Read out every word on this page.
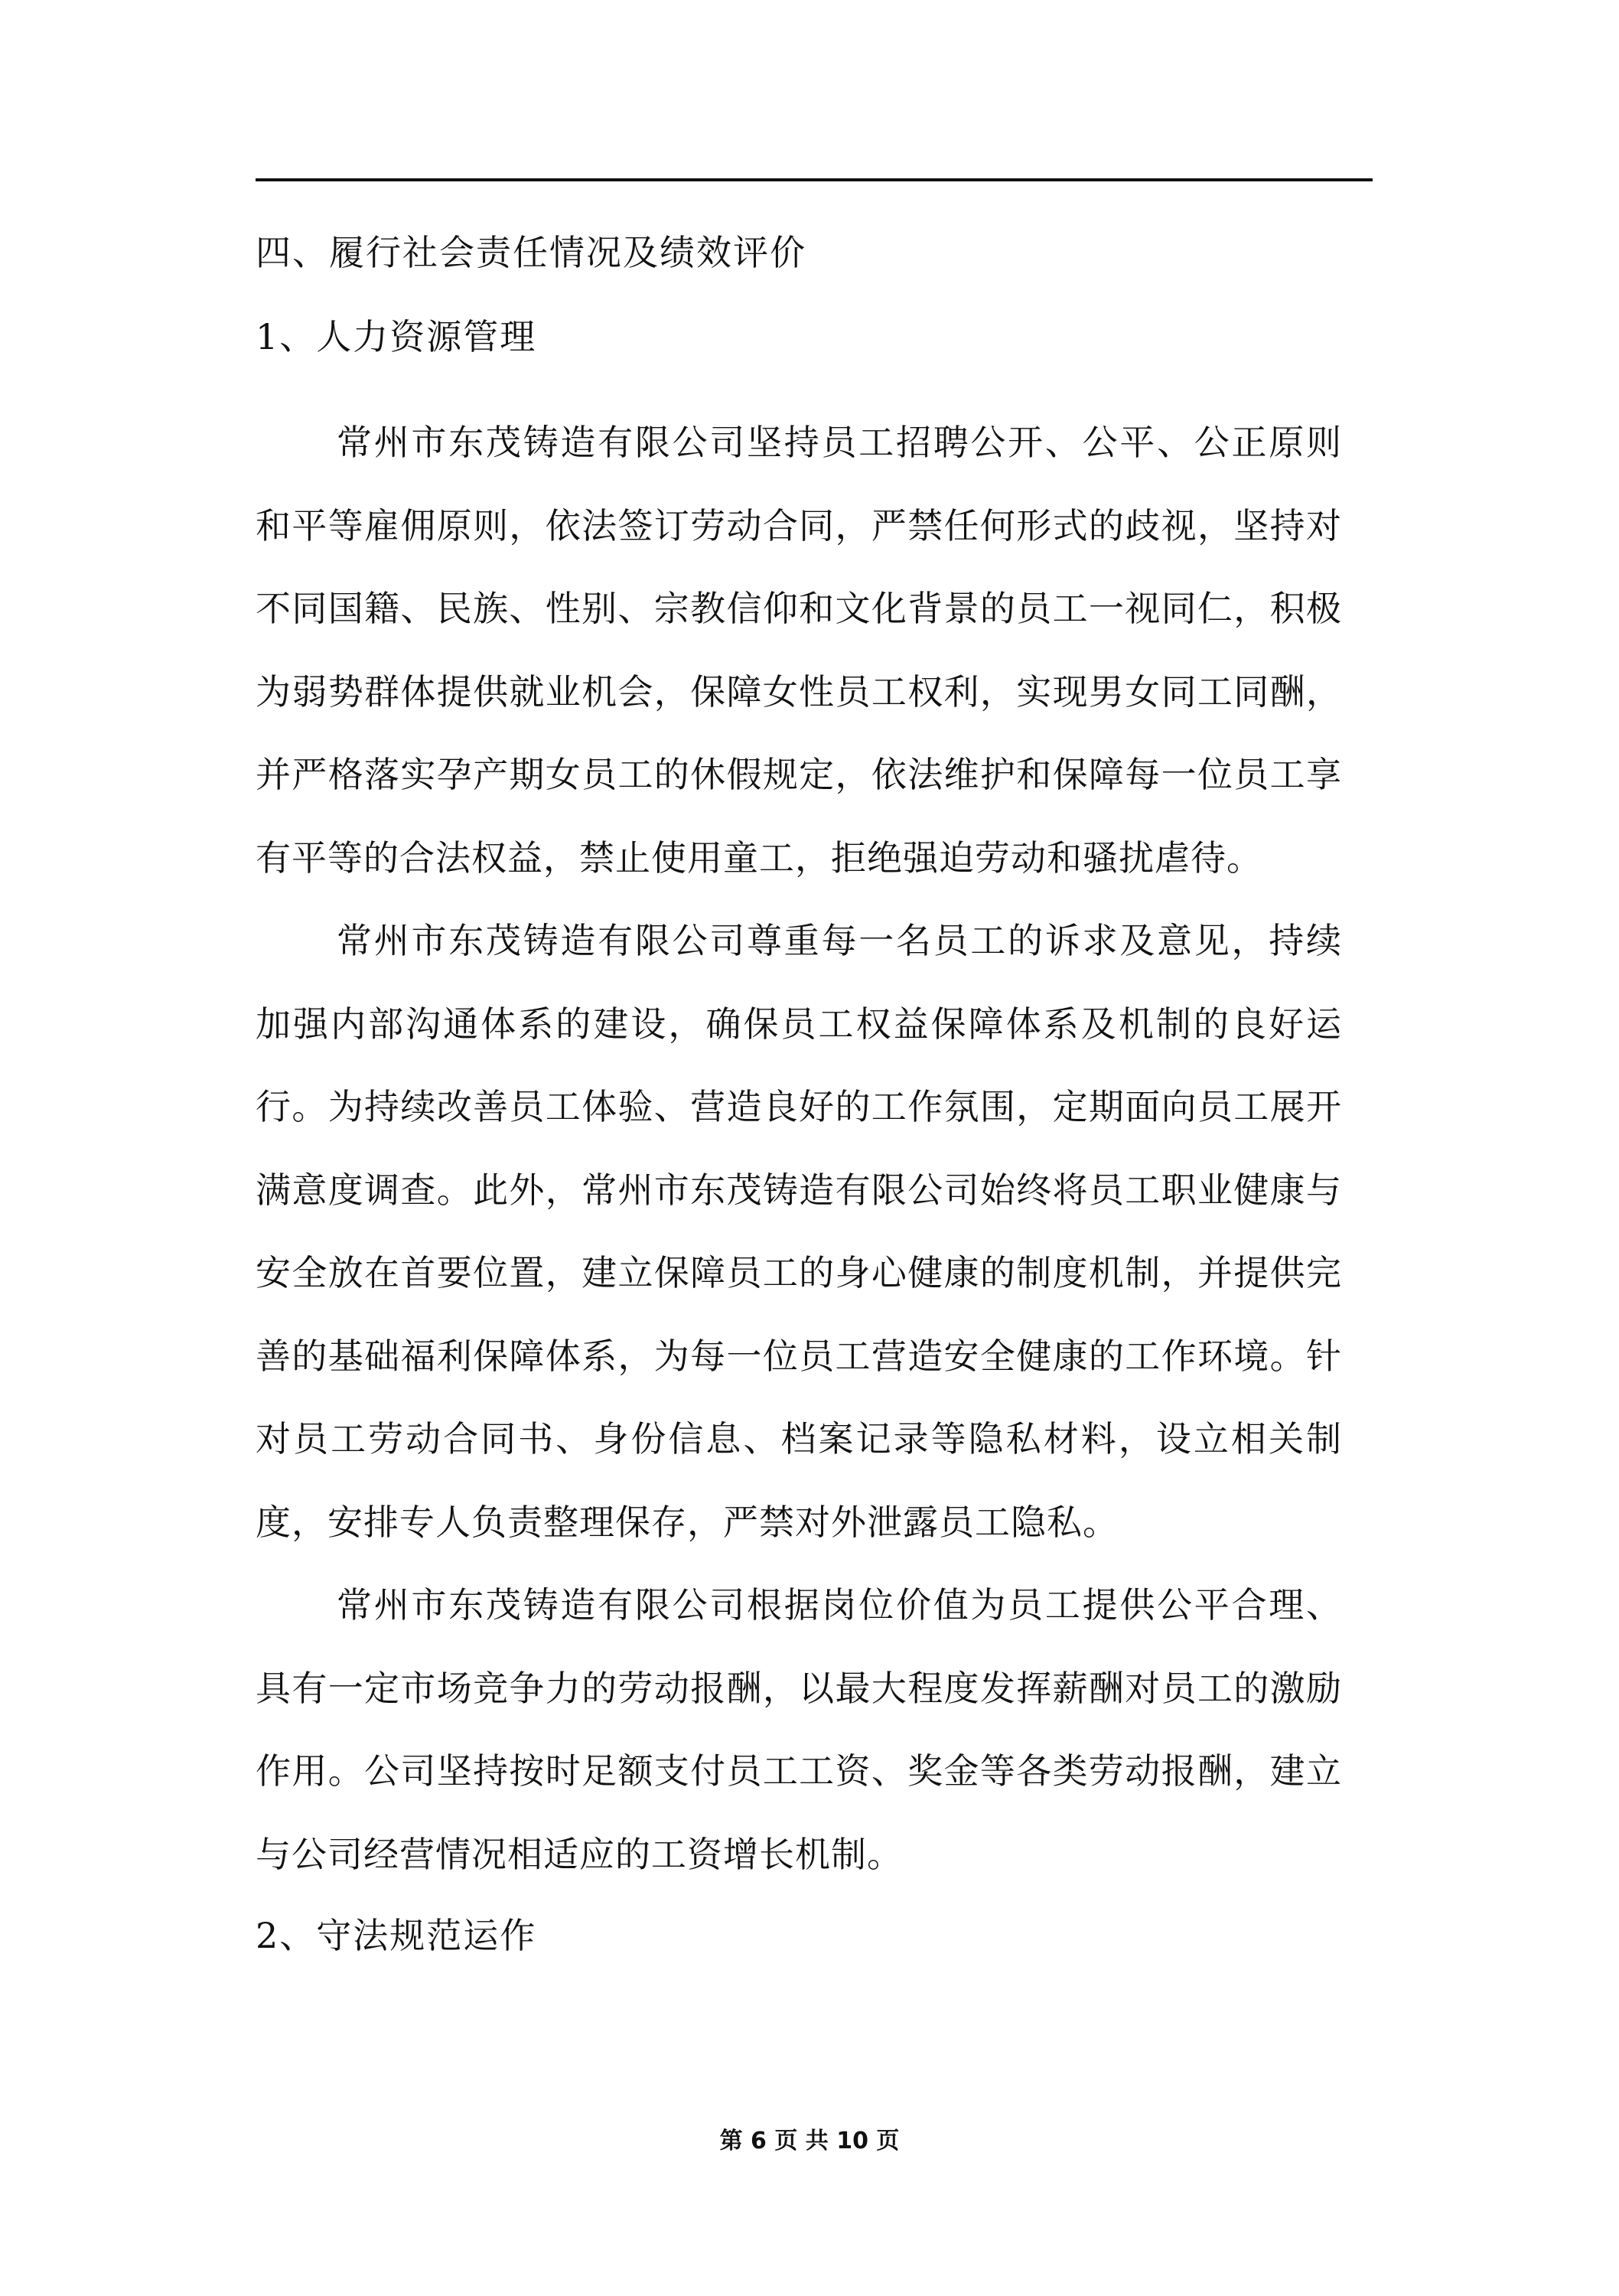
四、履行社会责任情况及绩效评价

1、人力资源管理

常州市东茂铸造有限公司坚持员工招聘公开、公平、公正原则和平等雇佣原则，依法签订劳动合同，严禁任何形式的歧视，坚持对不同国籍、民族、性别、宗教信仰和文化背景的员工一视同仁，积极为弱势群体提供就业机会，保障女性员工权利，实现男女同工同酬，并严格落实孕产期女员工的休假规定，依法维护和保障每一位员工享有平等的合法权益，禁止使用童工，拒绝强迫劳动和骚扰虐待。

常州市东茂铸造有限公司尊重每一名员工的诉求及意见，持续加强内部沟通体系的建设，确保员工权益保障体系及机制的良好运行。为持续改善员工体验、营造良好的工作氛围，定期面向员工展开满意度调查。此外，常州市东茂铸造有限公司始终将员工职业健康与安全放在首要位置，建立保障员工的身心健康的制度机制，并提供完善的基础福利保障体系，为每一位员工营造安全健康的工作环境。针对员工劳动合同书、身份信息、档案记录等隐私材料，设立相关制度，安排专人负责整理保存，严禁对外泄露员工隐私。

常州市东茂铸造有限公司根据岗位价值为员工提供公平合理、具有一定市场竞争力的劳动报酬，以最大程度发挥薪酬对员工的激励作用。公司坚持按时足额支付员工工资、奖金等各类劳动报酬，建立与公司经营情况相适应的工资增长机制。

2、守法规范运作

第 6 页 共 10 页
